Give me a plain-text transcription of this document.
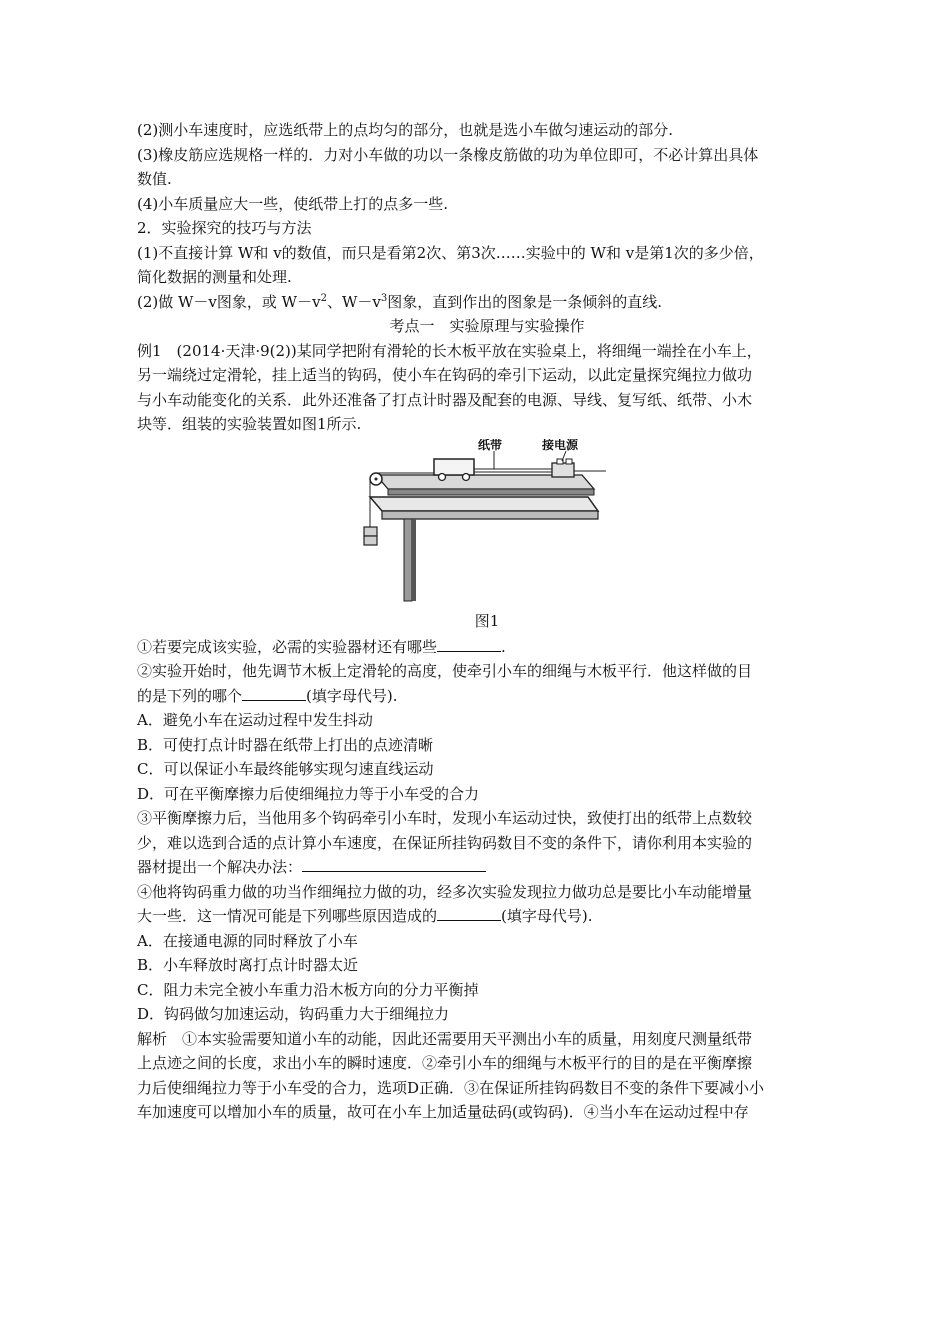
(2)测小车速度时，应选纸带上的点均匀的部分，也就是选小车做匀速运动的部分.
(3)橡皮筋应选规格一样的．力对小车做的功以一条橡皮筋做的功为单位即可，不必计算出具体
数值.
(4)小车质量应大一些，使纸带上打的点多一些.
2．实验探究的技巧与方法
(1)不直接计算 W和 v的数值，而只是看第2次、第3次……实验中的 W和 v是第1次的多少倍，
简化数据的测量和处理.
(2)做 W－v图象，或 $W-v^2$、$W-v^3$图象，直到作出的图象是一条倾斜的直线.
考点一　实验原理与实验操作
例1　(2014·天津·9(2))某同学把附有滑轮的长木板平放在实验桌上，将细绳一端拴在小车上，
另一端绕过定滑轮，挂上适当的钩码，使小车在钩码的牵引下运动，以此定量探究绳拉力做功
与小车动能变化的关系．此外还准备了打点计时器及配套的电源、导线、复写纸、纸带、小木
块等．组装的实验装置如图1所示.
纸带	接电源
图1
①若要完成该实验，必需的实验器材还有哪些	.
②实验开始时，他先调节木板上定滑轮的高度，使牵引小车的细绳与木板平行．他这样做的目
的是下列的哪个	(填字母代号).
A．避免小车在运动过程中发生抖动
B．可使打点计时器在纸带上打出的点迹清晰
C．可以保证小车最终能够实现匀速直线运动
D．可在平衡摩擦力后使细绳拉力等于小车受的合力
③平衡摩擦力后，当他用多个钩码牵引小车时，发现小车运动过快，致使打出的纸带上点数较
少，难以选到合适的点计算小车速度，在保证所挂钩码数目不变的条件下，请你利用本实验的
器材提出一个解决办法：
④他将钩码重力做的功当作细绳拉力做的功，经多次实验发现拉力做功总是要比小车动能增量
大一些．这一情况可能是下列哪些原因造成的	(填字母代号).
A．在接通电源的同时释放了小车
B．小车释放时离打点计时器太近
C．阻力未完全被小车重力沿木板方向的分力平衡掉
D．钩码做匀加速运动，钩码重力大于细绳拉力
解析　①本实验需要知道小车的动能，因此还需要用天平测出小车的质量，用刻度尺测量纸带
上点迹之间的长度，求出小车的瞬时速度．②牵引小车的细绳与木板平行的目的是在平衡摩擦
力后使细绳拉力等于小车受的合力，选项D正确．③在保证所挂钩码数目不变的条件下要减小小
车加速度可以增加小车的质量，故可在小车上加适量砝码(或钩码)．④当小车在运动过程中存
